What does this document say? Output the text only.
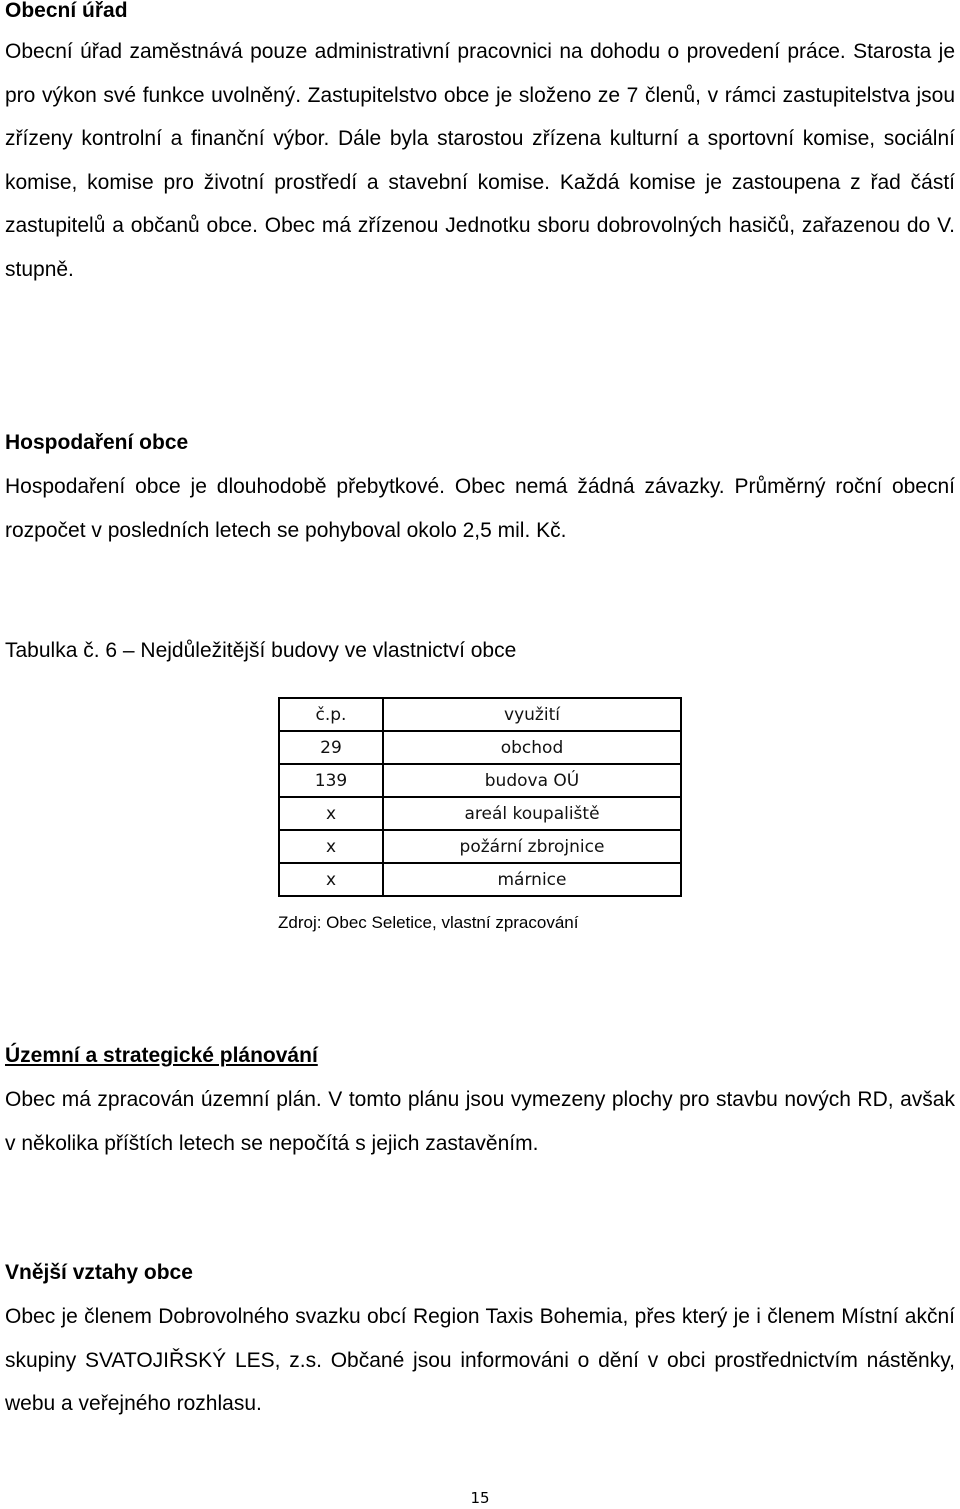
Obecní úřad

Obecní úřad zaměstnává pouze administrativní pracovnici na dohodu o provedení práce. Starosta je pro výkon své funkce uvolněný. Zastupitelstvo obce je složeno ze 7 členů, v rámci zastupitelstva jsou zřízeny kontrolní a finanční výbor. Dále byla starostou zřízena kulturní a sportovní komise, sociální komise, komise pro životní prostředí a stavební komise. Každá komise je zastoupena z řad částí zastupitelů a občanů obce. Obec má zřízenou Jednotku sboru dobrovolných hasičů, zařazenou do V. stupně.

Hospodaření obce

Hospodaření obce je dlouhodobě přebytkové. Obec nemá žádná závazky. Průměrný roční obecní rozpočet v posledních letech se pohyboval okolo 2,5 mil. Kč.

Tabulka č. 6 – Nejdůležitější budovy ve vlastnictví obce
č.p.	využití
29	obchod
139	budova OÚ
x	areál koupaliště
x	požární zbrojnice
x	márnice
Zdroj: Obec Seletice, vlastní zpracování
Územní a strategické plánování

Obec má zpracován územní plán. V tomto plánu jsou vymezeny plochy pro stavbu nových RD, avšak v několika příštích letech se nepočítá s jejich zastavěním.

Vnější vztahy obce

Obec je členem Dobrovolného svazku obcí Region Taxis Bohemia, přes který je i členem Místní akční skupiny SVATOJIŘSKÝ LES, z.s. Občané jsou informováni o dění v obci prostřednictvím nástěnky, webu a veřejného rozhlasu.

15
